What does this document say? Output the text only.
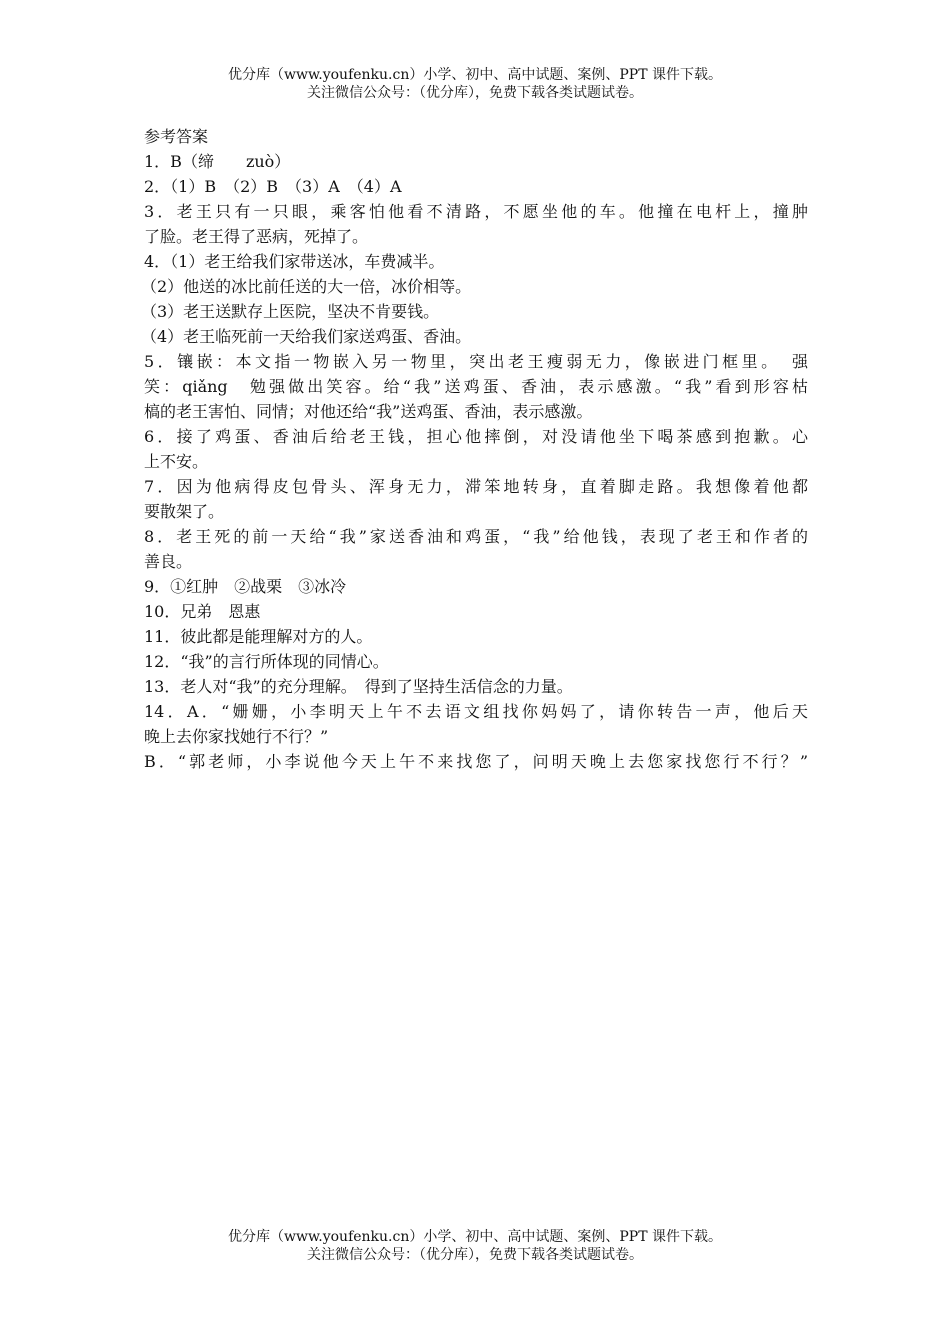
优分库（www.youfenku.cn）小学、初中、高中试题、案例、PPT 课件下载。
关注微信公众号：（优分库），免费下载各类试题试卷。
参考答案
1．B（缔　　zuò）
2．（1）B　（2）B　（3）A　（4）A
3．老王只有一只眼，乘客怕他看不清路，不愿坐他的车。他撞在电杆上，撞肿
了脸。老王得了恶病，死掉了。
4．（1）老王给我们家带送冰，车费减半。
（2）他送的冰比前任送的大一倍，冰价相等。
（3）老王送默存上医院，坚决不肯要钱。
（4）老王临死前一天给我们家送鸡蛋、香油。
5．镶嵌：本文指一物嵌入另一物里，突出老王瘦弱无力，像嵌进门框里。　强
笑：qiǎng　勉强做出笑容。给“我”送鸡蛋、香油，表示感激。“我”看到形容枯
槁的老王害怕、同情；对他还给“我”送鸡蛋、香油，表示感激。
6．接了鸡蛋、香油后给老王钱，担心他摔倒，对没请他坐下喝茶感到抱歉。心
上不安。
7．因为他病得皮包骨头、浑身无力，滞笨地转身，直着脚走路。我想像着他都
要散架了。
8．老王死的前一天给“我”家送香油和鸡蛋，“我”给他钱，表现了老王和作者的
善良。
9．①红肿　②战栗　③冰冷
10．兄弟　恩惠
11．彼此都是能理解对方的人。
12．“我”的言行所体现的同情心。
13．老人对“我”的充分理解。　得到了坚持生活信念的力量。
14．A．“姗姗，小李明天上午不去语文组找你妈妈了，请你转告一声，他后天
晚上去你家找她行不行？”
B．“郭老师，小李说他今天上午不来找您了，问明天晚上去您家找您行不行？”
优分库（www.youfenku.cn）小学、初中、高中试题、案例、PPT 课件下载。
关注微信公众号：（优分库），免费下载各类试题试卷。
